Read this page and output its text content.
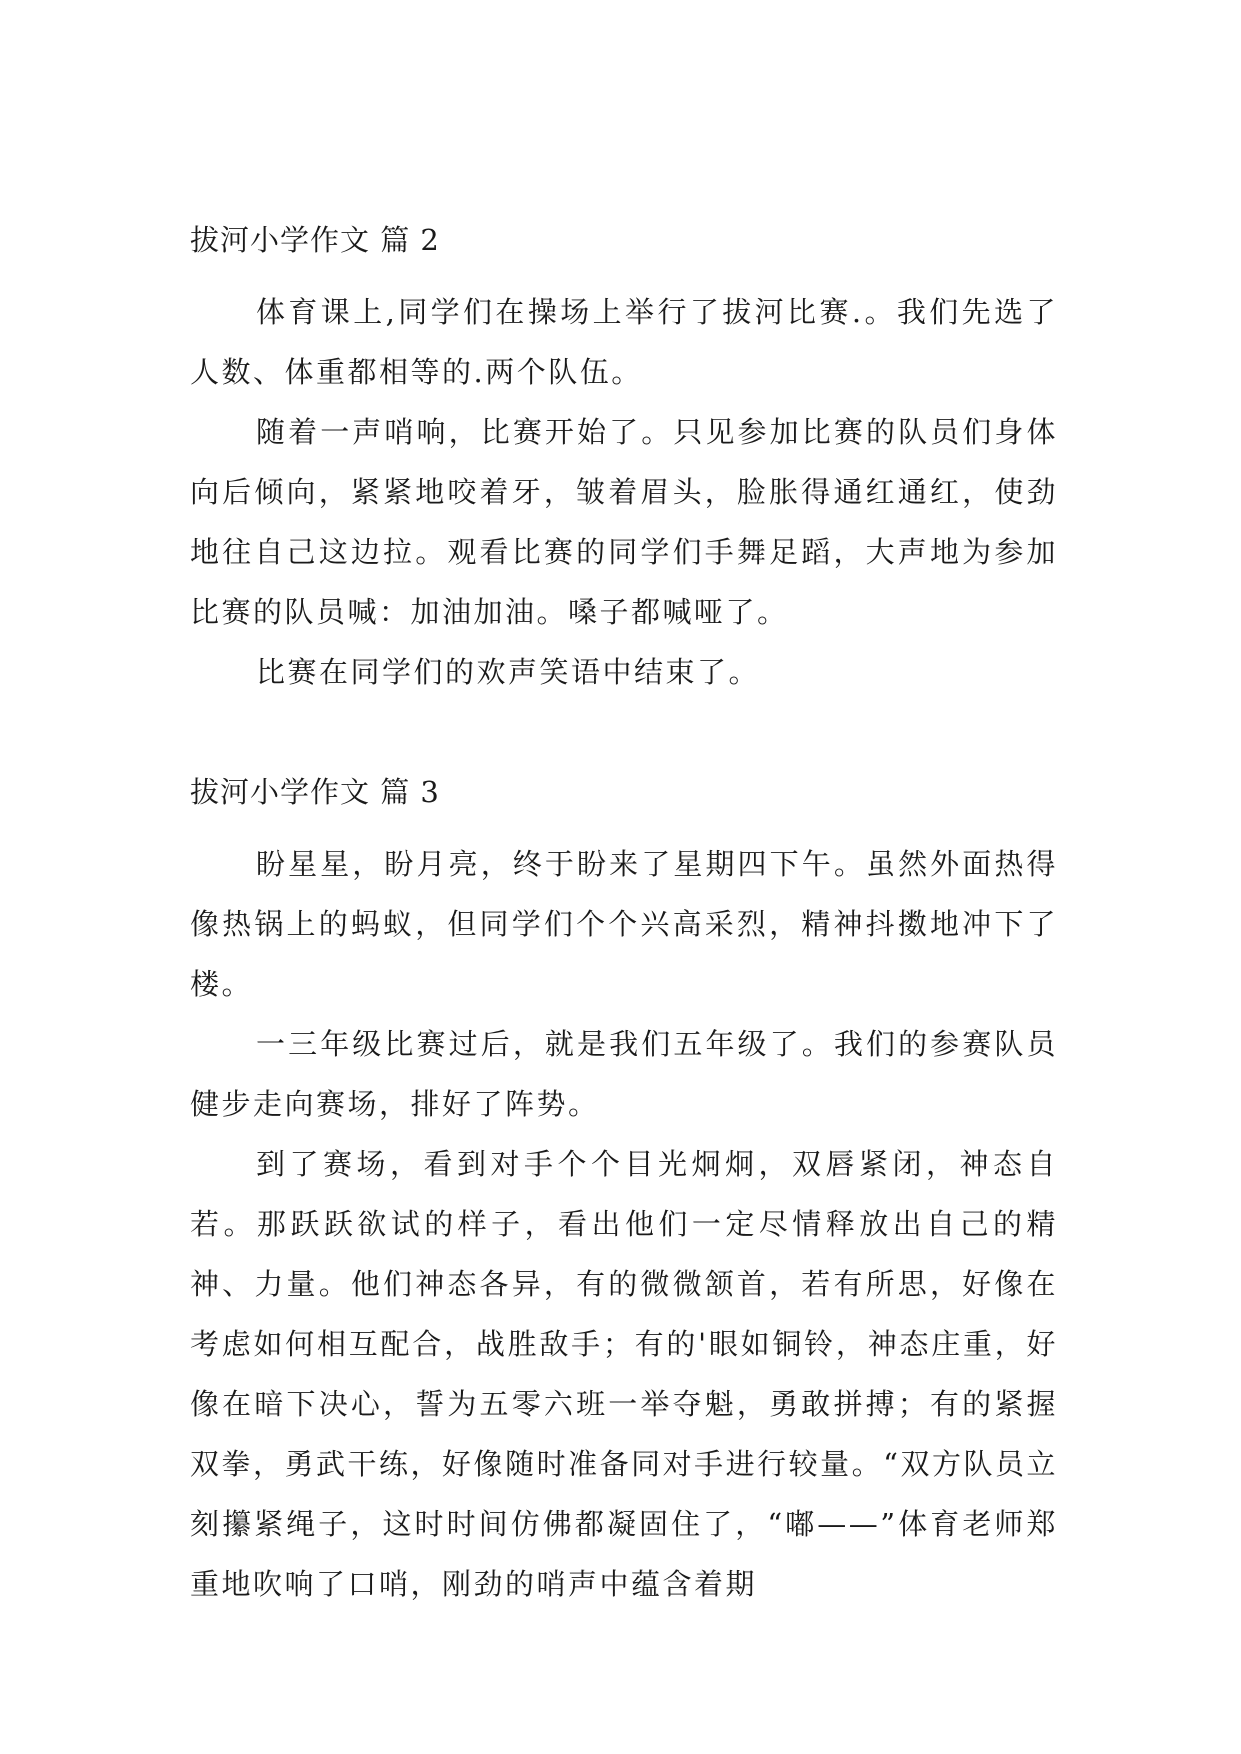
拔河小学作文 篇 2

体育课上,同学们在操场上举行了拔河比赛.。我们先选了人数、体重都相等的.两个队伍。

随着一声哨响，比赛开始了。只见参加比赛的队员们身体向后倾向，紧紧地咬着牙，皱着眉头，脸胀得通红通红，使劲地往自己这边拉。观看比赛的同学们手舞足蹈，大声地为参加比赛的队员喊：加油加油。嗓子都喊哑了。

比赛在同学们的欢声笑语中结束了。

拔河小学作文 篇 3

盼星星，盼月亮，终于盼来了星期四下午。虽然外面热得像热锅上的蚂蚁，但同学们个个兴高采烈，精神抖擞地冲下了楼。

一三年级比赛过后，就是我们五年级了。我们的参赛队员健步走向赛场，排好了阵势。

到了赛场，看到对手个个目光炯炯，双唇紧闭，神态自若。那跃跃欲试的样子，看出他们一定尽情释放出自己的精神、力量。他们神态各异，有的微微颔首，若有所思，好像在考虑如何相互配合，战胜敌手；有的'眼如铜铃，神态庄重，好像在暗下决心，誓为五零六班一举夺魁，勇敢拼搏；有的紧握双拳，勇武干练，好像随时准备同对手进行较量。“双方队员立刻攥紧绳子，这时时间仿佛都凝固住了，“嘟——”体育老师郑重地吹响了口哨，刚劲的哨声中蕴含着期
